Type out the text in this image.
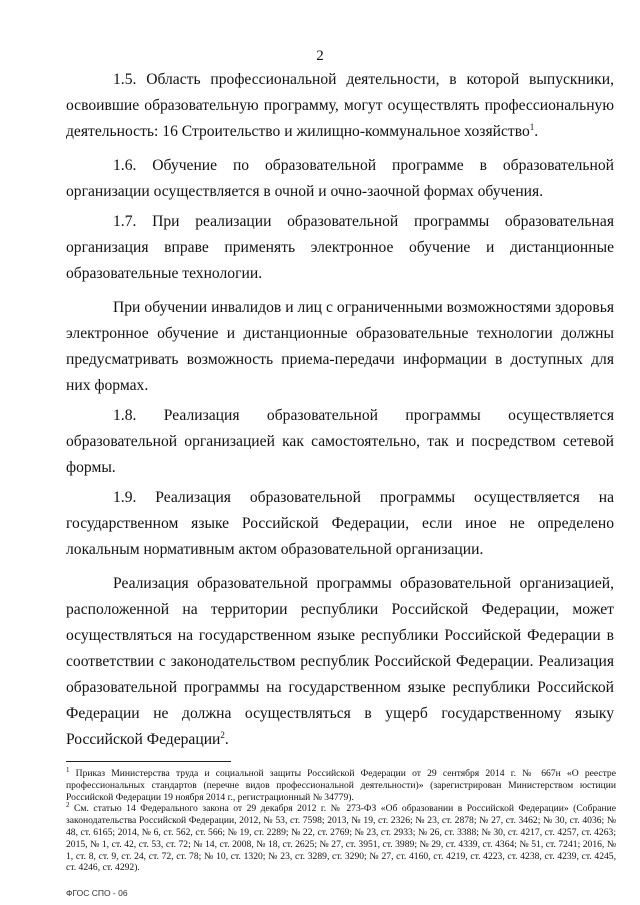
2

1.5. Область профессиональной деятельности, в которой выпускники, освоившие образовательную программу, могут осуществлять профессиональную деятельность: 16 Строительство и жилищно-коммунальное хозяйство$^1$.

1.6. Обучение по образовательной программе в образовательной организации осуществляется в очной и очно-заочной формах обучения.

1.7. При реализации образовательной программы образовательная организация вправе применять электронное обучение и дистанционные образовательные технологии.

При обучении инвалидов и лиц с ограниченными возможностями здоровья электронное обучение и дистанционные образовательные технологии должны предусматривать возможность приема-передачи информации в доступных для них формах.

1.8. Реализация образовательной программы осуществляется образовательной организацией как самостоятельно, так и посредством сетевой формы.

1.9. Реализация образовательной программы осуществляется на государственном языке Российской Федерации, если иное не определено локальным нормативным актом образовательной организации.

Реализация образовательной программы образовательной организацией, расположенной на территории республики Российской Федерации, может осуществляться на государственном языке республики Российской Федерации в соответствии с законодательством республик Российской Федерации. Реализация образовательной программы на государственном языке республики Российской Федерации не должна осуществляться в ущерб государственному языку Российской Федерации$^2$.

$^1$ Приказ Министерства труда и социальной защиты Российской Федерации от 29 сентября 2014 г. № 667н «О реестре профессиональных стандартов (перечне видов профессиональной деятельности)» (зарегистрирован Министерством юстиции Российской Федерации 19 ноября 2014 г., регистрационный № 34779).

$^2$ См. статью 14 Федерального закона от 29 декабря 2012 г. № 273-ФЗ «Об образовании в Российской Федерации» (Собрание законодательства Российской Федерации, 2012, № 53, ст. 7598; 2013, № 19, ст. 2326; № 23, ст. 2878; № 27, ст. 3462; № 30, ст. 4036; № 48, ст. 6165; 2014, № 6, ст. 562, ст. 566; № 19, ст. 2289; № 22, ст. 2769; № 23, ст. 2933; № 26, ст. 3388; № 30, ст. 4217, ст. 4257, ст. 4263; 2015, № 1, ст. 42, ст. 53, ст. 72; № 14, ст. 2008, № 18, ст. 2625; № 27, ст. 3951, ст. 3989; № 29, ст. 4339, ст. 4364; № 51, ст. 7241; 2016, № 1, ст. 8, ст. 9, ст. 24, ст. 72, ст. 78; № 10, ст. 1320; № 23, ст. 3289, ст. 3290; № 27, ст. 4160, ст. 4219, ст. 4223, ст. 4238, ст. 4239, ст. 4245, ст. 4246, ст. 4292).

ФГОС СПО - 06
